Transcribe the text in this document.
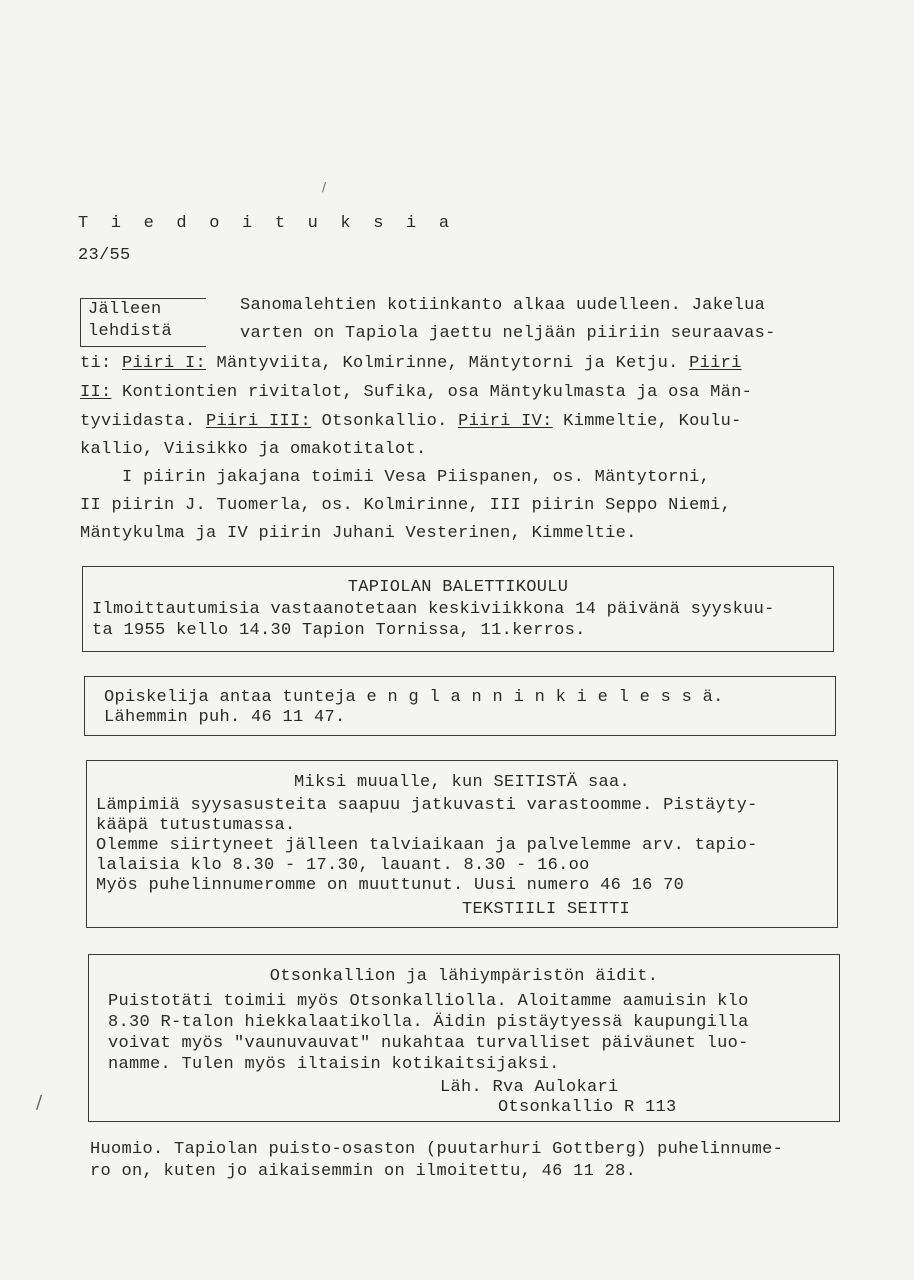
T i e d o i t u k s i a
23/55
Jälleen
lehdistä
Sanomalehtien kotiinkanto alkaa uudelleen. Jakelua
varten on Tapiola jaettu neljään piiriin seuraavas-
ti: Piiri I: Mäntyviita, Kolmirinne, Mäntytorni ja Ketju. Piiri
II: Kontiontien rivitalot, Sufika, osa Mäntykulmasta ja osa Män-
tyviidasta. Piiri III: Otsonkallio. Piiri IV: Kimmeltie, Koulu-
kallio, Viisikko ja omakotitalot.
I piirin jakajana toimii Vesa Piispanen, os. Mäntytorni,
II piirin J. Tuomerla, os. Kolmirinne, III piirin Seppo Niemi,
Mäntykulma ja IV piirin Juhani Vesterinen, Kimmeltie.
TAPIOLAN BALETTIKOULU
Ilmoittautumisia vastaanotetaan keskiviikkona 14 päivänä syyskuu-
ta 1955 kello 14.30 Tapion Tornissa, 11.kerros.
Opiskelija antaa tunteja e n g l a n n i n k i e l e s s ä.
Lähemmin puh. 46 11 47.
Miksi muualle, kun SEITISTÄ saa.
Lämpimiä syysasusteita saapuu jatkuvasti varastoomme. Pistäyty-
kääpä tutustumassa.
Olemme siirtyneet jälleen talviaikaan ja palvelemme arv. tapio-
lalaisia klo 8.30 - 17.30, lauant. 8.30 - 16.oo
Myös puhelinnumeromme on muuttunut. Uusi numero 46 16 70
TEKSTIILI SEITTI
Otsonkallion ja lähiympäristön äidit.
Puistotäti toimii myös Otsonkalliolla. Aloitamme aamuisin klo
8.30 R-talon hiekkalaatikolla. Äidin pistäytyessä kaupungilla
voivat myös "vaunuvauvat" nukahtaa turvalliset päiväunet luo-
namme. Tulen myös iltaisin kotikaitsijaksi.
Läh. Rva Aulokari
Otsonkallio R 113
Huomio. Tapiolan puisto-osaston (puutarhuri Gottberg) puhelinnume-
ro on, kuten jo aikaisemmin on ilmoitettu, 46 11 28.
/
/
